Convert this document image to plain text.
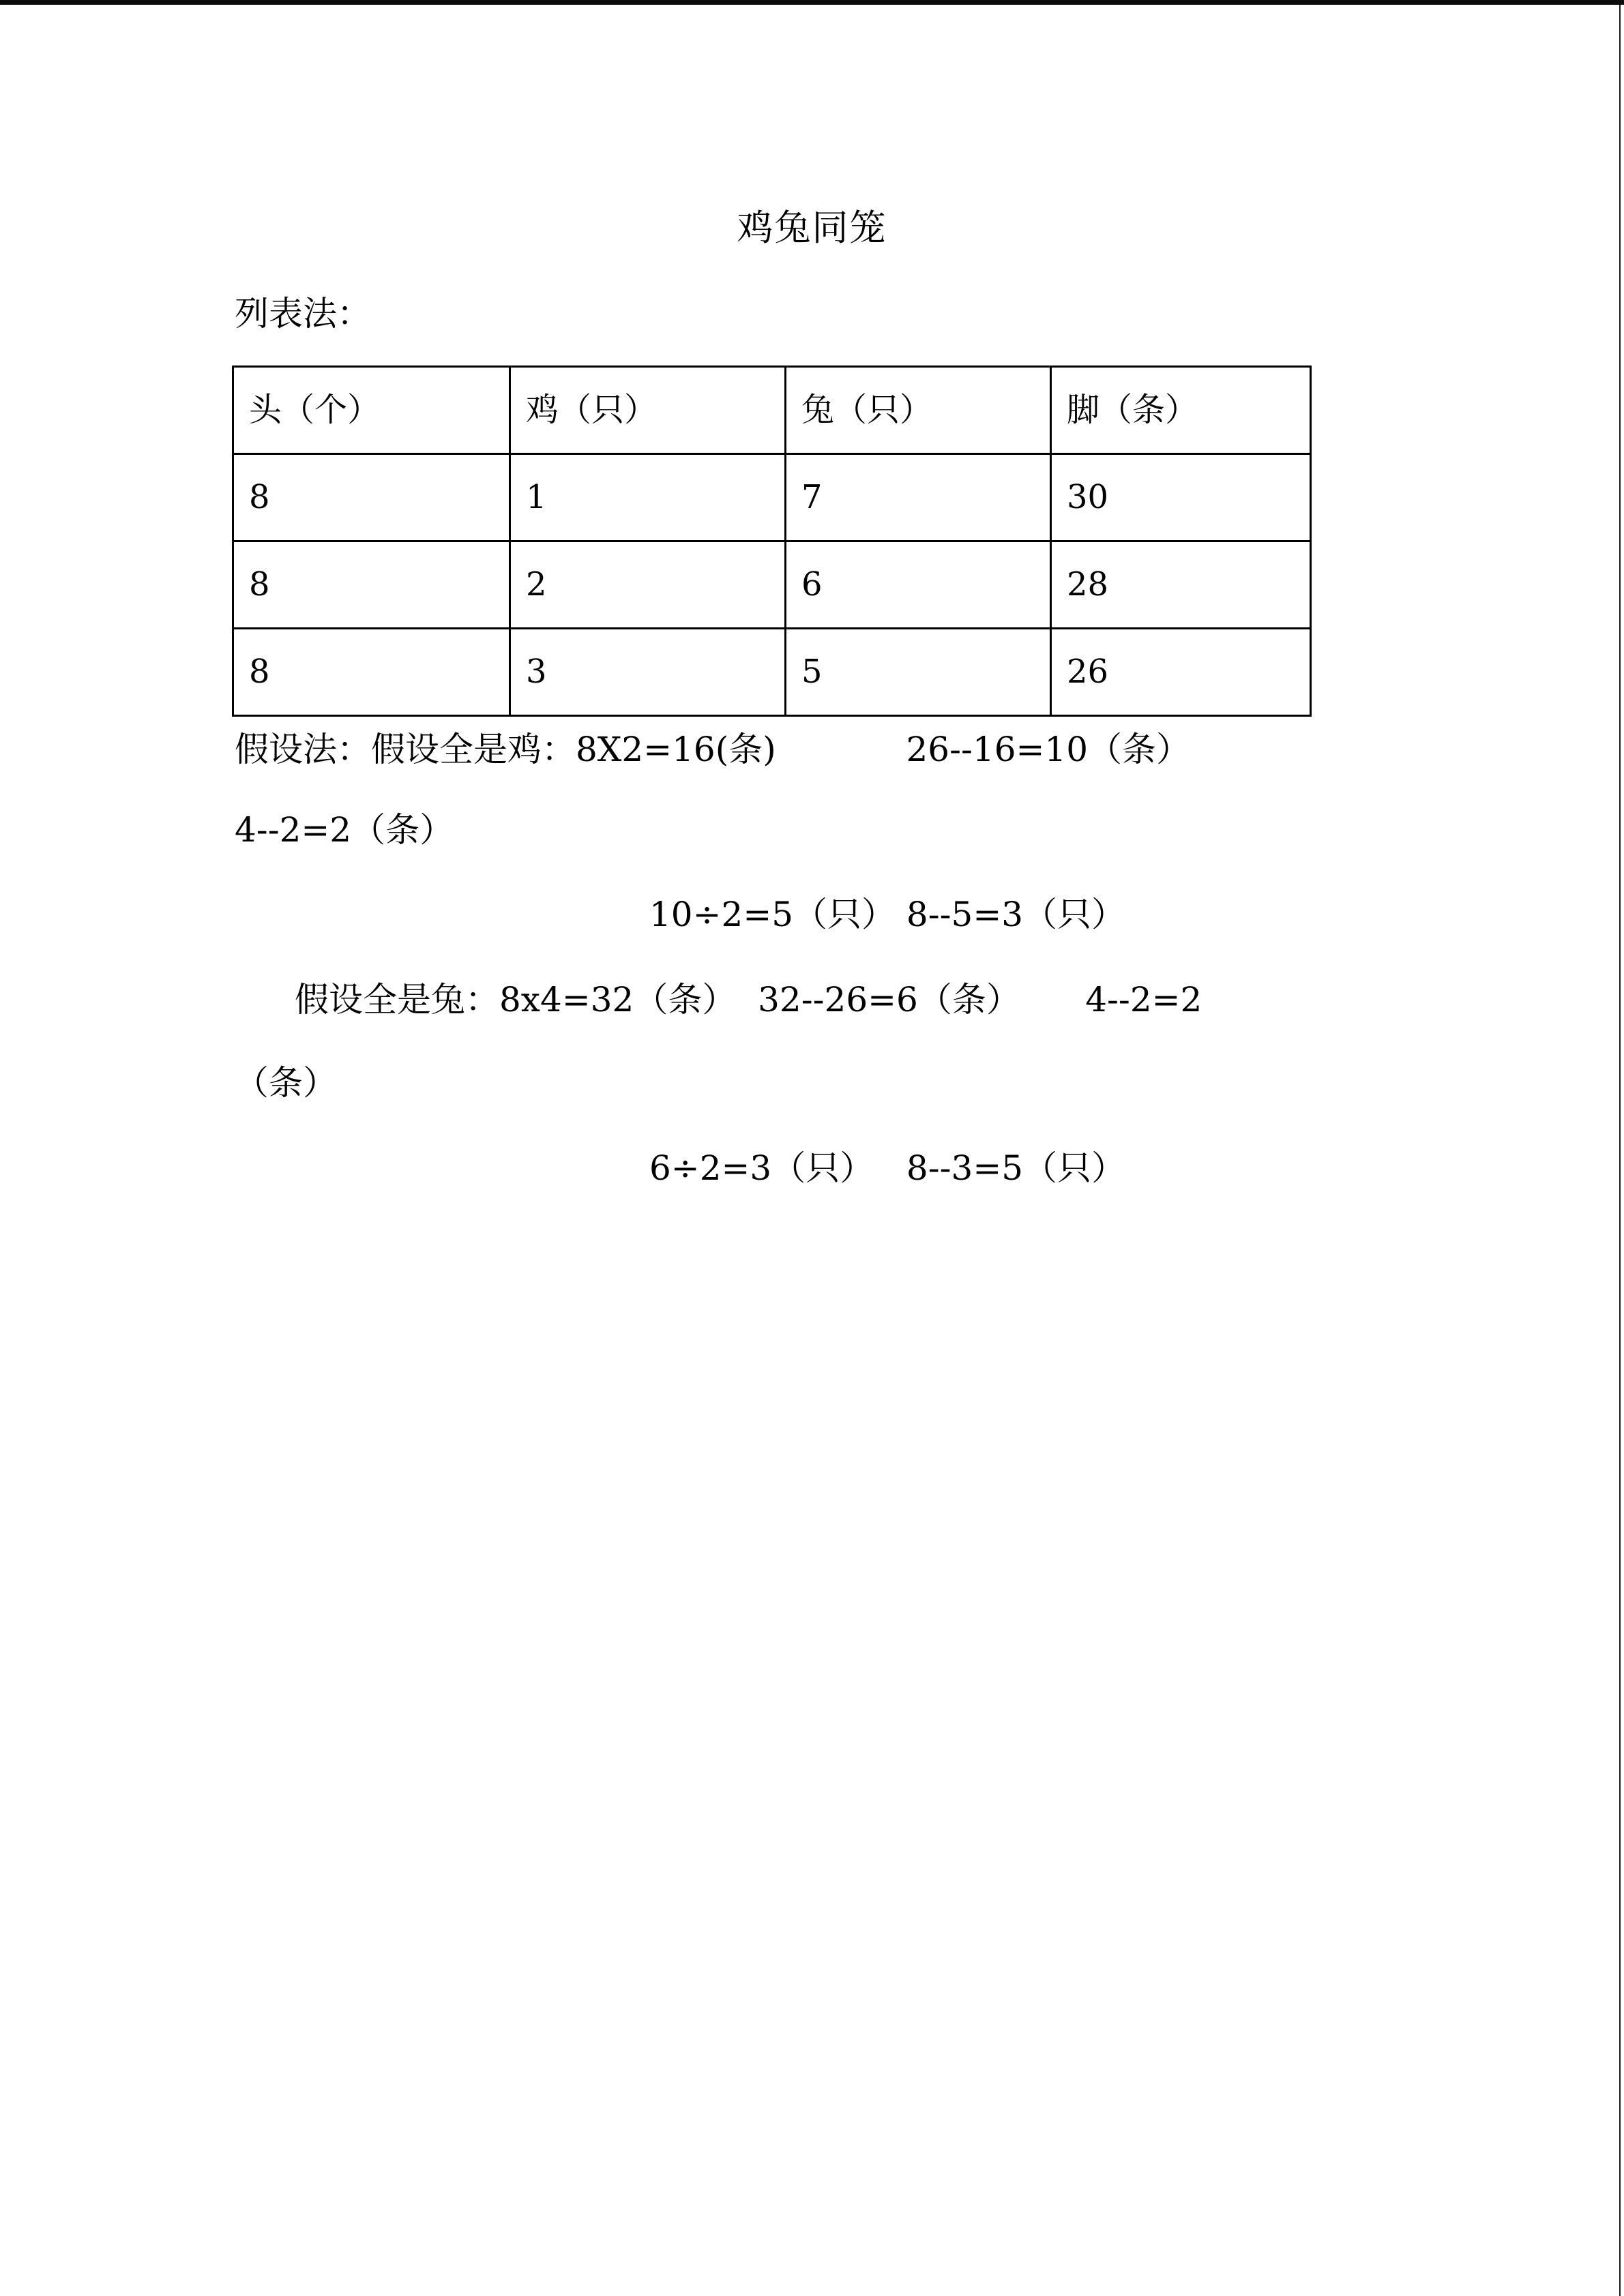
鸡兔同笼
列表法：
头（个）	鸡（只）	兔（只）	脚（条）
8	1	7	30
8	2	6	28
8	3	5	26
假设法：假设全是鸡：8X2=16(条)            26--16=10（条）
4--2=2（条）
10÷2=5（只） 8--5=3（只）
假设全是兔：8x4=32（条）  32--26=6（条）      4--2=2
（条）
6÷2=3（只）   8--3=5（只）
